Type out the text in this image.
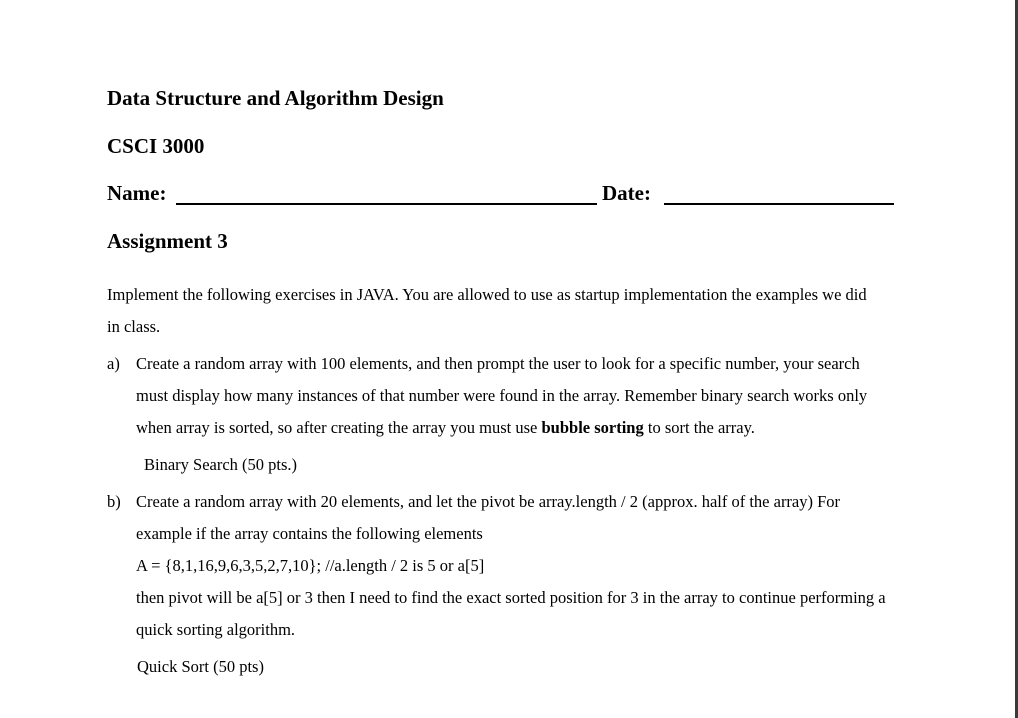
Data Structure and Algorithm Design
CSCI 3000
Name:	Date:
Assignment 3
Implement the following exercises in JAVA. You are allowed to use as startup implementation the examples we did
in class.
a) Create a random array with 100 elements, and then prompt the user to look for a specific number, your search
must display how many instances of that number were found in the array. Remember binary search works only
when array is sorted, so after creating the array you must use bubble sorting to sort the array.
Binary Search (50 pts.)
b) Create a random array with 20 elements, and let the pivot be array.length / 2 (approx. half of the array) For
example if the array contains the following elements
A = {8,1,16,9,6,3,5,2,7,10}; //a.length / 2 is 5 or a[5]
then pivot will be a[5] or 3 then I need to find the exact sorted position for 3 in the array to continue performing a
quick sorting algorithm.
Quick Sort (50 pts)
